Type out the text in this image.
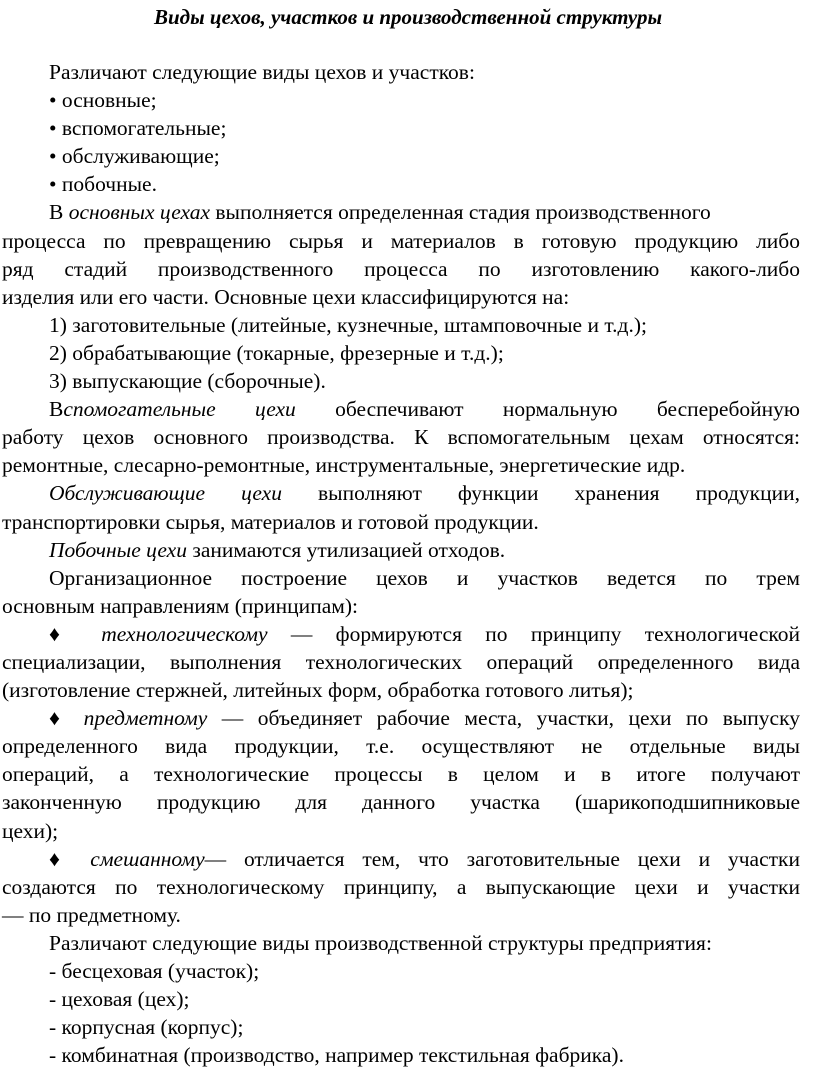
Виды цехов, участков и производственной структуры

Различают следующие виды цехов и участков:

• основные;

• вспомогательные;

• обслуживающие;

• побочные.

В основных цехах выполняется определенная стадия производственного

процесса по превращению сырья и материалов в готовую продукцию либо

ряд стадий производственного процесса по изготовлению какого-либо

изделия или его части. Основные цехи классифицируются на:

1) заготовительные (литейные, кузнечные, штамповочные и т.д.);

2) обрабатывающие (токарные, фрезерные и т.д.);

3) выпускающие (сборочные).

Вспомогательные цехи обеспечивают нормальную бесперебойную

работу цехов основного производства. К вспомогательным цехам относятся:

ремонтные, слесарно-ремонтные, инструментальные, энергетические идр.

Обслуживающие цехи выполняют функции хранения продукции,

транспортировки сырья, материалов и готовой продукции.

Побочные цехи занимаются утилизацией отходов.

Организационное построение цехов и участков ведется по трем

основным направлениям (принципам):

♦ технологическому — формируются по принципу технологической

специализации, выполнения технологических операций определенного вида

(изготовление стержней, литейных форм, обработка готового литья);

♦ предметному — объединяет рабочие места, участки, цехи по выпуску

определенного вида продукции, т.е. осуществляют не отдельные виды

операций, а технологические процессы в целом и в итоге получают

законченную продукцию для данного участка (шарикоподшипниковые

цехи);

♦ смешанному— отличается тем, что заготовительные цехи и участки

создаются по технологическому принципу, а выпускающие цехи и участки

— по предметному.

Различают следующие виды производственной структуры предприятия:

- бесцеховая (участок);

- цеховая (цех);

- корпусная (корпус);

- комбинатная (производство, например текстильная фабрика).
